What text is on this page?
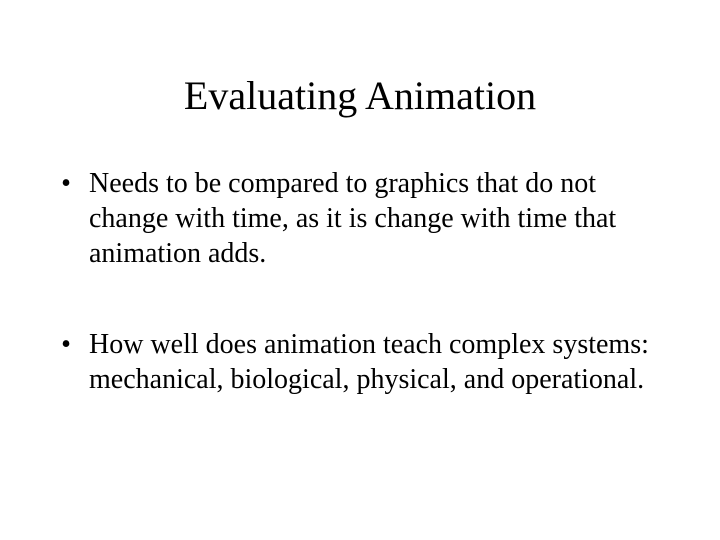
Evaluating Animation
• Needs to be compared to graphics that do not change with time, as it is change with time that animation adds.
• How well does animation teach complex systems: mechanical, biological, physical, and operational.
